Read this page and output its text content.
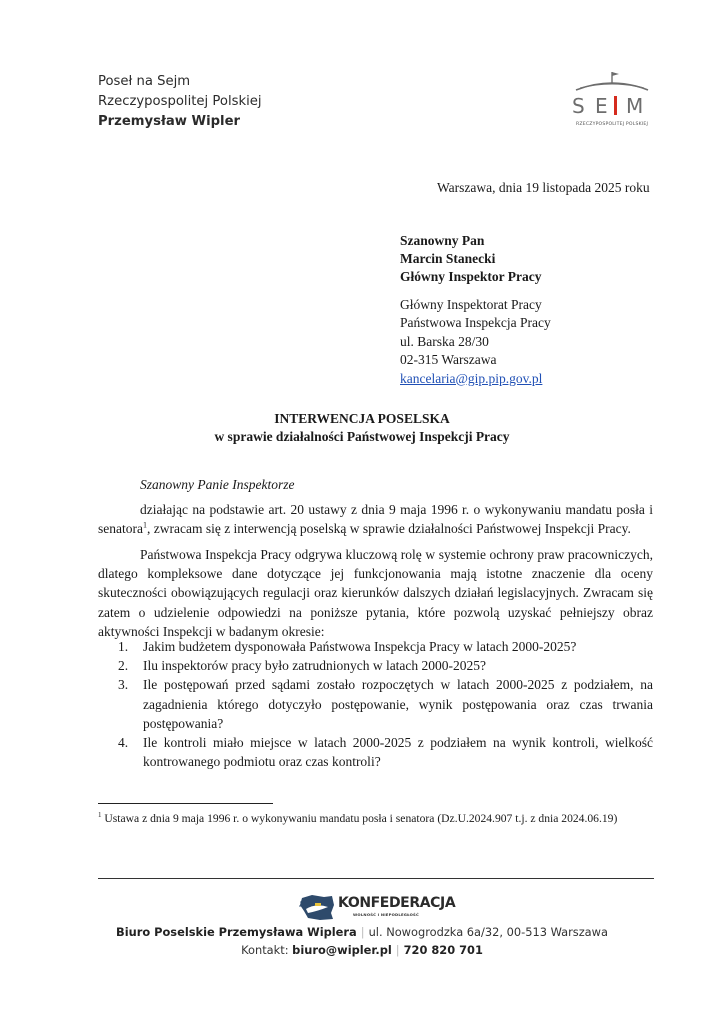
Poseł na Sejm
Rzeczypospolitej Polskiej
Przemysław Wipler
S E M
RZECZYPOSPOLITEJ POLSKIEJ
Warszawa, dnia 19 listopada 2025 roku
Szanowny Pan
Marcin Stanecki
Główny Inspektor Pracy
Główny Inspektorat Pracy
Państwowa Inspekcja Pracy
ul. Barska 28/30
02-315 Warszawa
kancelaria@gip.pip.gov.pl
INTERWENCJA POSELSKA
w sprawie działalności Państwowej Inspekcji Pracy
Szanowny Panie Inspektorze
działając na podstawie art. 20 ustawy z dnia 9 maja 1996 r. o wykonywaniu mandatu posła i senatora$^1$, zwracam się z interwencją poselską w sprawie działalności Państwowej Inspekcji Pracy.
Państwowa Inspekcja Pracy odgrywa kluczową rolę w systemie ochrony praw pracowniczych, dlatego kompleksowe dane dotyczące jej funkcjonowania mają istotne znaczenie dla oceny skuteczności obowiązujących regulacji oraz kierunków dalszych działań legislacyjnych. Zwracam się zatem o udzielenie odpowiedzi na poniższe pytania, które pozwolą uzyskać pełniejszy obraz aktywności Inspekcji w badanym okresie:
1. Jakim budżetem dysponowała Państwowa Inspekcja Pracy w latach 2000-2025?
2. Ilu inspektorów pracy było zatrudnionych w latach 2000-2025?
3. Ile postępowań przed sądami zostało rozpoczętych w latach 2000-2025 z podziałem, na zagadnienia którego dotyczyło postępowanie, wynik postępowania oraz czas trwania postępowania?
4. Ile kontroli miało miejsce w latach 2000-2025 z podziałem na wynik kontroli, wielkość kontrowanego podmiotu oraz czas kontroli?
$^1$ Ustawa z dnia 9 maja 1996 r. o wykonywaniu mandatu posła i senatora (Dz.U.2024.907 t.j. z dnia 2024.06.19)
KONFEDERACJA
WOLNOŚĆ I NIEPODLEGŁOŚĆ
Biuro Poselskie Przemysława Wiplera | ul. Nowogrodzka 6a/32, 00-513 Warszawa
Kontakt: biuro@wipler.pl | 720 820 701
